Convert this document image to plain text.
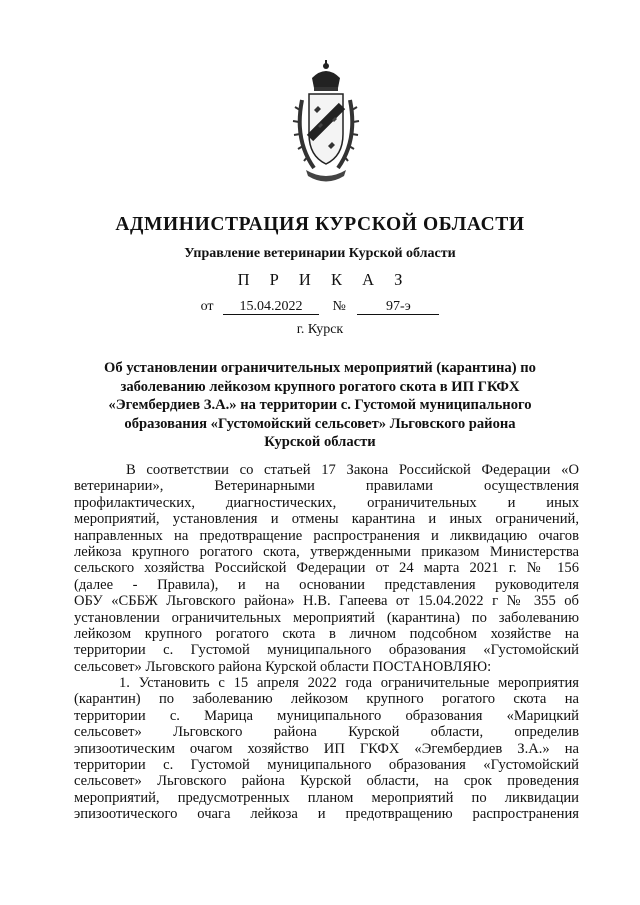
АДМИНИСТРАЦИЯ КУРСКОЙ ОБЛАСТИ
Управление ветеринарии Курской области
П Р И К А З
от 15.04.2022 №	97-э
г. Курск
Об установлении ограничительных мероприятий (карантина) по
заболеванию лейкозом крупного рогатого скота в ИП ГКФХ
«Эгембердиев З.А.» на территории с. Густомой муниципального
образования «Густомойский сельсовет» Льговского района
Курской области
В соответствии со статьей 17 Закона Российской Федерации «О
ветеринарии», Ветеринарными правилами осуществления
профилактических, диагностических, ограничительных и иных
мероприятий, установления и отмены карантина и иных ограничений,
направленных на предотвращение распространения и ликвидацию очагов
лейкоза крупного рогатого скота, утвержденными приказом Министерства
сельского хозяйства Российской Федерации от 24 марта 2021 г. № 156
(далее - Правила), и на основании представления руководителя
ОБУ «СББЖ Льговского района» Н.В. Гапеева от 15.04.2022 г № 355 об
установлении ограничительных мероприятий (карантина) по заболеванию
лейкозом крупного рогатого скота в личном подсобном хозяйстве на
территории с. Густомой муниципального образования «Густомойский
сельсовет» Льговского района Курской области ПОСТАНОВЛЯЮ:
1. Установить с 15 апреля 2022 года ограничительные мероприятия
(карантин) по заболеванию лейкозом крупного рогатого скота на
территории с. Марица муниципального образования «Марицкий
сельсовет» Льговского района Курской области, определив
эпизоотическим очагом хозяйство ИП ГКФХ «Эгембердиев З.А.» на
территории с. Густомой муниципального образования «Густомойский
сельсовет» Льговского района Курской области, на срок проведения
мероприятий, предусмотренных планом мероприятий по ликвидации
эпизоотического очага лейкоза и предотвращению распространения
